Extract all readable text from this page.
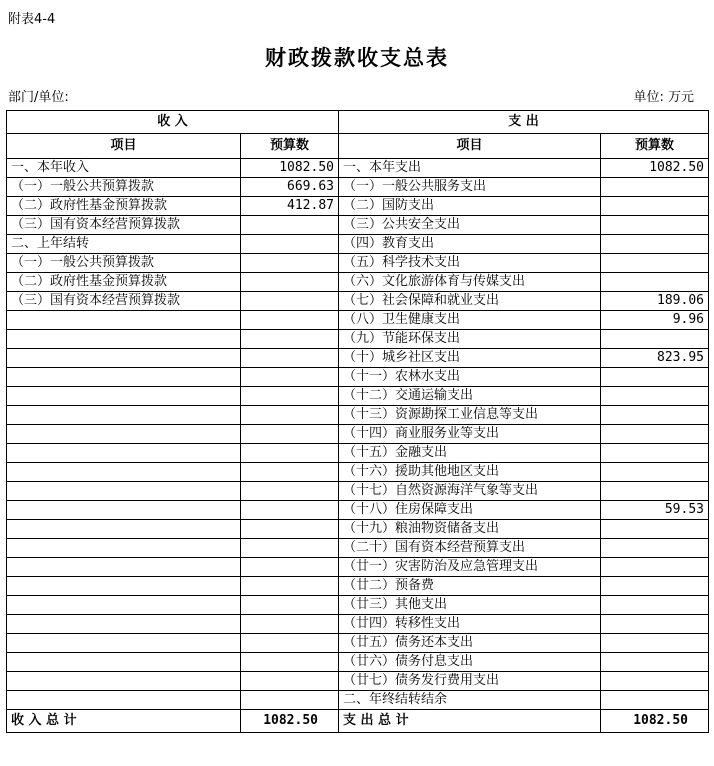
附表4-4
财政拨款收支总表
部门/单位:	单位: 万元
收 入		支 出	
项目	预算数	项目	预算数
一、本年收入	1082.50	一、本年支出	1082.50
（一）一般公共预算拨款	669.63	（一）一般公共服务支出	
（二）政府性基金预算拨款	412.87	（二）国防支出	
（三）国有资本经营预算拨款		（三）公共安全支出	
二、上年结转		（四）教育支出	
（一）一般公共预算拨款		（五）科学技术支出	
（二）政府性基金预算拨款		（六）文化旅游体育与传媒支出	
（三）国有资本经营预算拨款		（七）社会保障和就业支出	189.06
		（八）卫生健康支出	9.96
		（九）节能环保支出	
		（十）城乡社区支出	823.95
		（十一）农林水支出	
		（十二）交通运输支出	
		（十三）资源勘探工业信息等支出	
		（十四）商业服务业等支出	
		（十五）金融支出	
		（十六）援助其他地区支出	
		（十七）自然资源海洋气象等支出	
		（十八）住房保障支出	59.53
		（十九）粮油物资储备支出	
		（二十）国有资本经营预算支出	
		（廿一）灾害防治及应急管理支出	
		（廿二）预备费	
		（廿三）其他支出	
		（廿四）转移性支出	
		（廿五）债务还本支出	
		（廿六）债务付息支出	
		（廿七）债务发行费用支出	
		二、年终结转结余	
收 入 总 计	1082.50	支 出 总 计	1082.50
